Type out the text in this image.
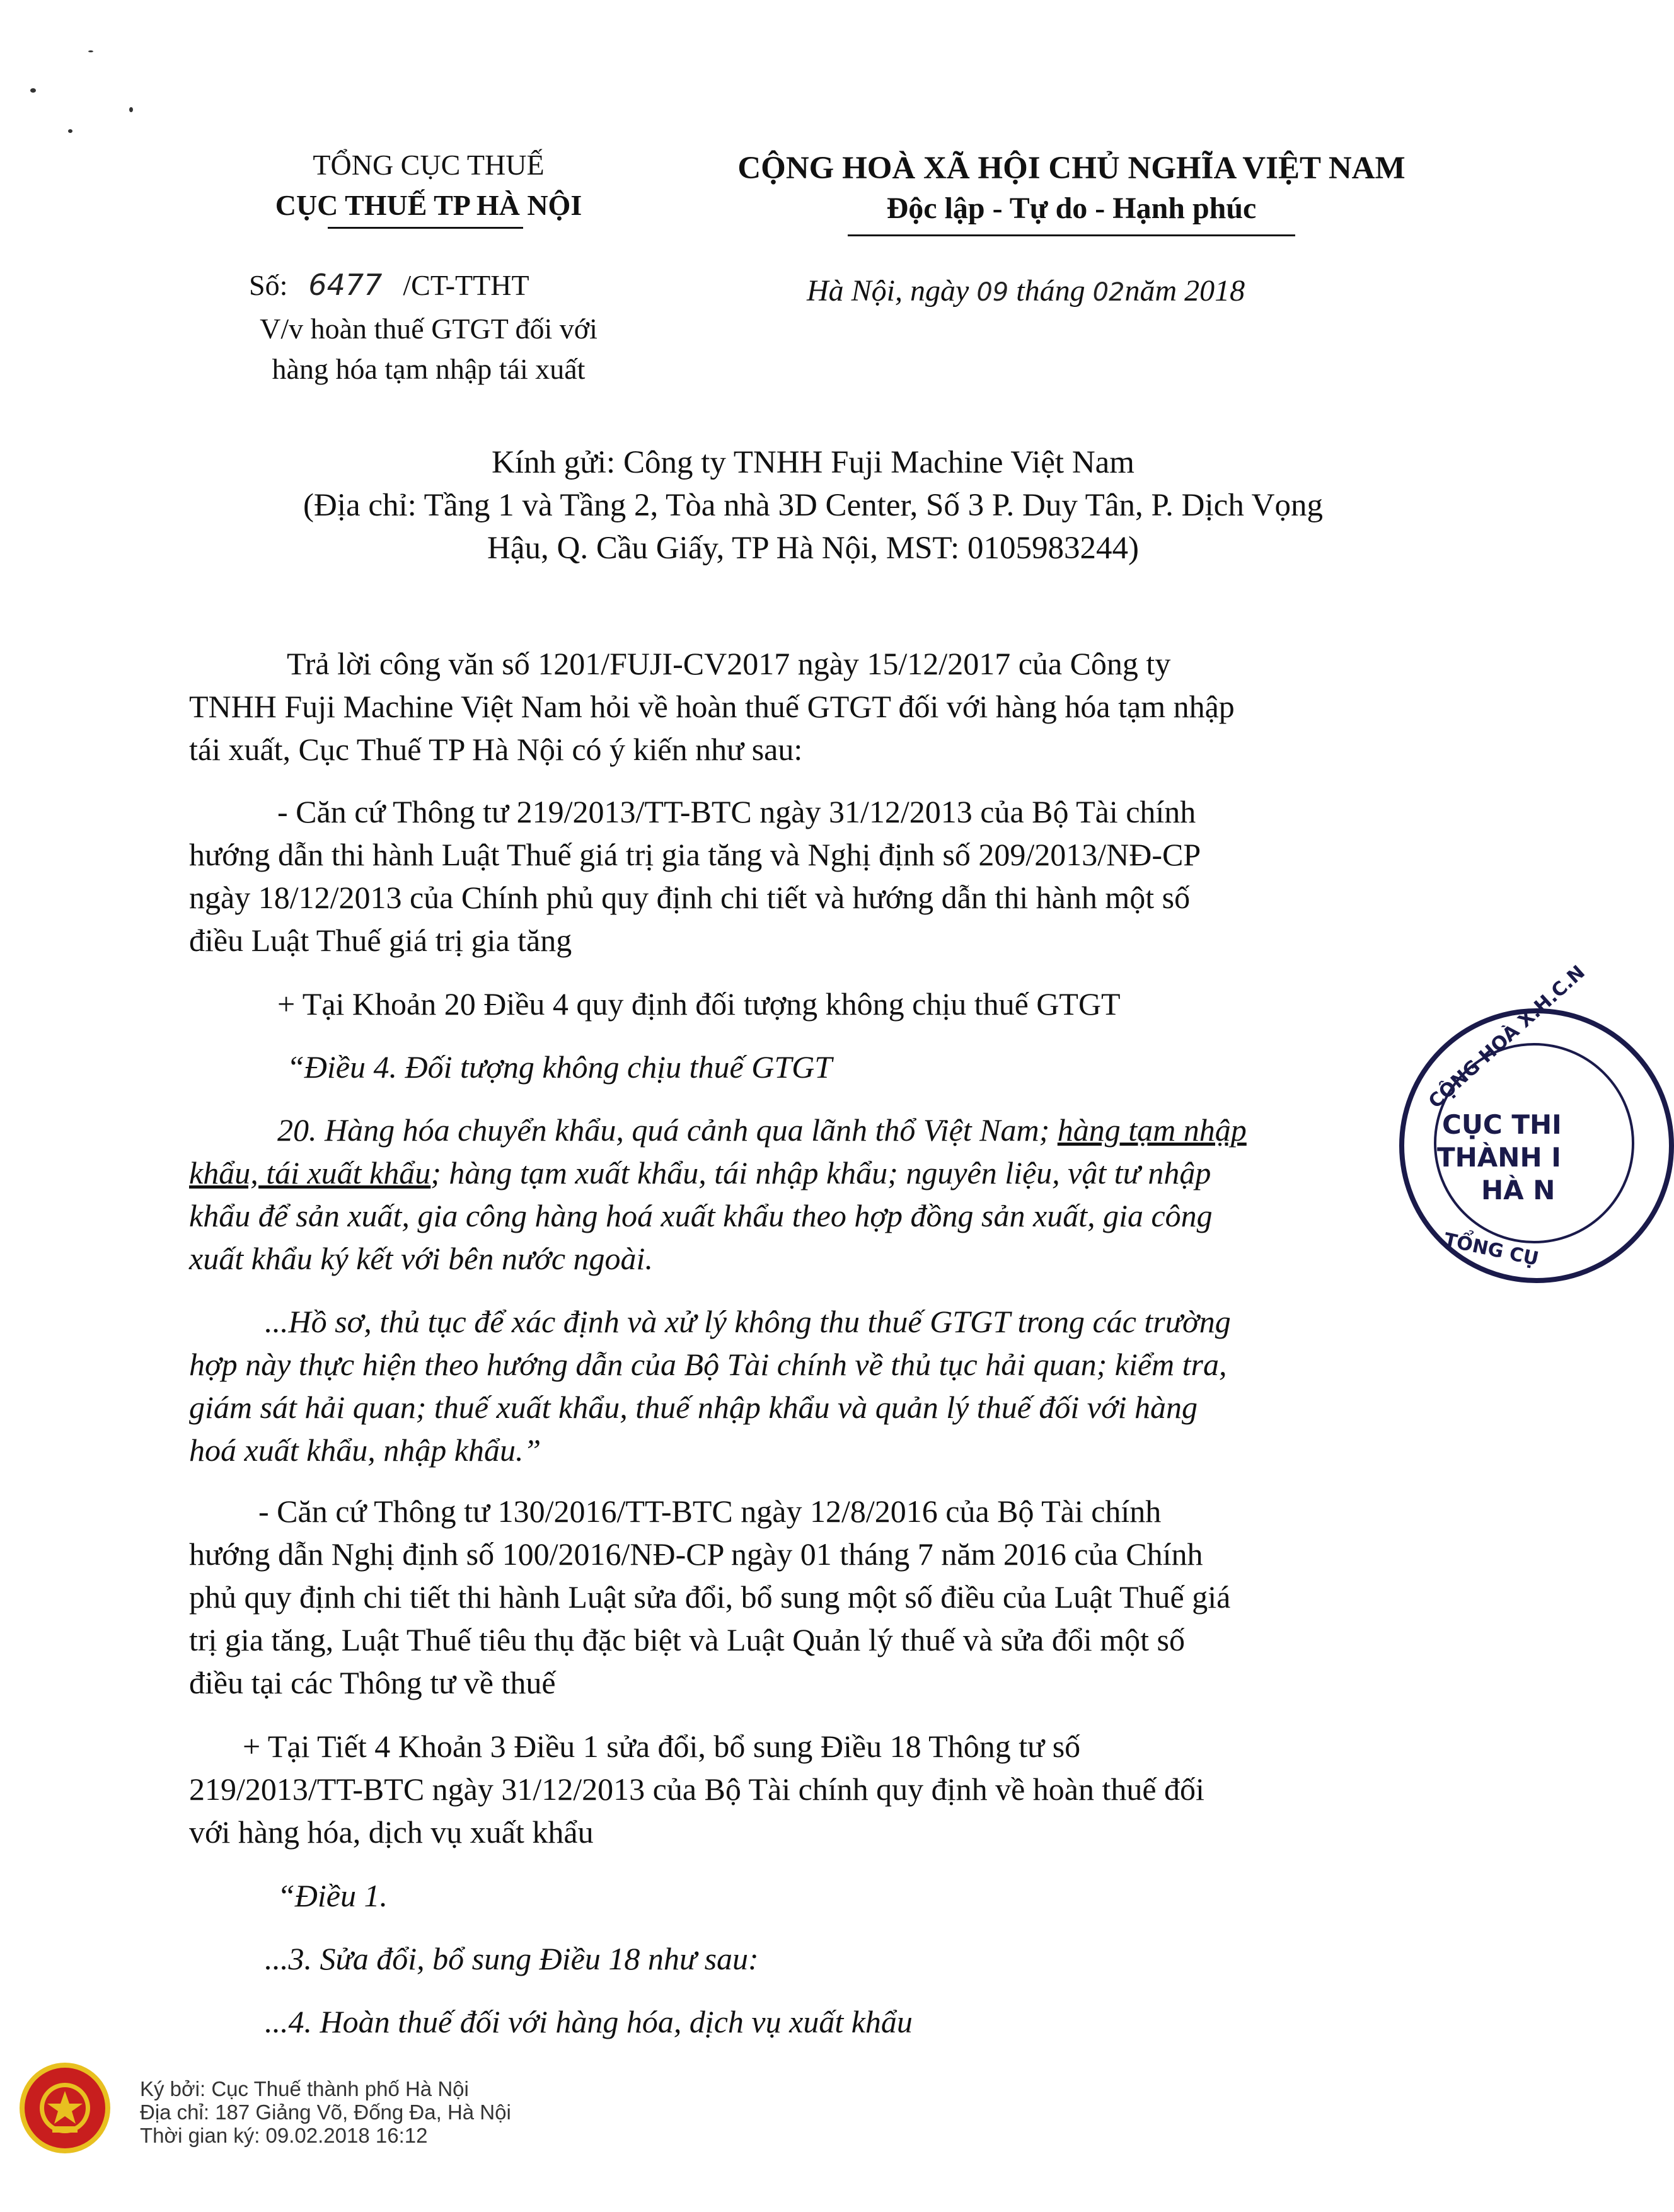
TỔNG CỤC THUẾ
CỤC THUẾ TP HÀ NỘI
Số: 6477 /CT-TTHT
V/v hoàn thuế GTGT đối với
hàng hóa tạm nhập tái xuất
CỘNG HOÀ XÃ HỘI CHỦ NGHĨA VIỆT NAM
Độc lập - Tự do - Hạnh phúc
Hà Nội, ngày 09 tháng 02năm 2018
Kính gửi: Công ty TNHH Fuji Machine Việt Nam
(Địa chỉ: Tầng 1 và Tầng 2, Tòa nhà 3D Center, Số 3 P. Duy Tân, P. Dịch Vọng
Hậu, Q. Cầu Giấy, TP Hà Nội, MST: 0105983244)
Trả lời công văn số 1201/FUJI-CV2017 ngày 15/12/2017 của Công ty
TNHH Fuji Machine Việt Nam hỏi về hoàn thuế GTGT đối với hàng hóa tạm nhập
tái xuất, Cục Thuế TP Hà Nội có ý kiến như sau:
- Căn cứ Thông tư 219/2013/TT-BTC ngày 31/12/2013 của Bộ Tài chính
hướng dẫn thi hành Luật Thuế giá trị gia tăng và Nghị định số 209/2013/NĐ-CP
ngày 18/12/2013 của Chính phủ quy định chi tiết và hướng dẫn thi hành một số
điều Luật Thuế giá trị gia tăng
+ Tại Khoản 20 Điều 4 quy định đối tượng không chịu thuế GTGT
“Điều 4. Đối tượng không chịu thuế GTGT
20. Hàng hóa chuyển khẩu, quá cảnh qua lãnh thổ Việt Nam; hàng tạm nhập
khẩu, tái xuất khẩu; hàng tạm xuất khẩu, tái nhập khẩu; nguyên liệu, vật tư nhập
khẩu để sản xuất, gia công hàng hoá xuất khẩu theo hợp đồng sản xuất, gia công
xuất khẩu ký kết với bên nước ngoài.
...Hồ sơ, thủ tục để xác định và xử lý không thu thuế GTGT trong các trường
hợp này thực hiện theo hướng dẫn của Bộ Tài chính về thủ tục hải quan; kiểm tra,
giám sát hải quan; thuế xuất khẩu, thuế nhập khẩu và quản lý thuế đối với hàng
hoá xuất khẩu, nhập khẩu.”
- Căn cứ Thông tư 130/2016/TT-BTC ngày 12/8/2016 của Bộ Tài chính
hướng dẫn Nghị định số 100/2016/NĐ-CP ngày 01 tháng 7 năm 2016 của Chính
phủ quy định chi tiết thi hành Luật sửa đổi, bổ sung một số điều của Luật Thuế giá
trị gia tăng, Luật Thuế tiêu thụ đặc biệt và Luật Quản lý thuế và sửa đổi một số
điều tại các Thông tư về thuế
+ Tại Tiết 4 Khoản 3 Điều 1 sửa đổi, bổ sung Điều 18 Thông tư số
219/2013/TT-BTC ngày 31/12/2013 của Bộ Tài chính quy định về hoàn thuế đối
với hàng hóa, dịch vụ xuất khẩu
“Điều 1.
...3. Sửa đổi, bổ sung Điều 18 như sau:
...4. Hoàn thuế đối với hàng hóa, dịch vụ xuất khẩu
CỘNG HOÀ X.H.C.N
CỤC THI
THÀNH I
HÀ N
TỔNG CỤ
Ký bởi: Cục Thuế thành phố Hà Nội
Địa chỉ: 187 Giảng Võ, Đống Đa, Hà Nội
Thời gian ký: 09.02.2018 16:12
